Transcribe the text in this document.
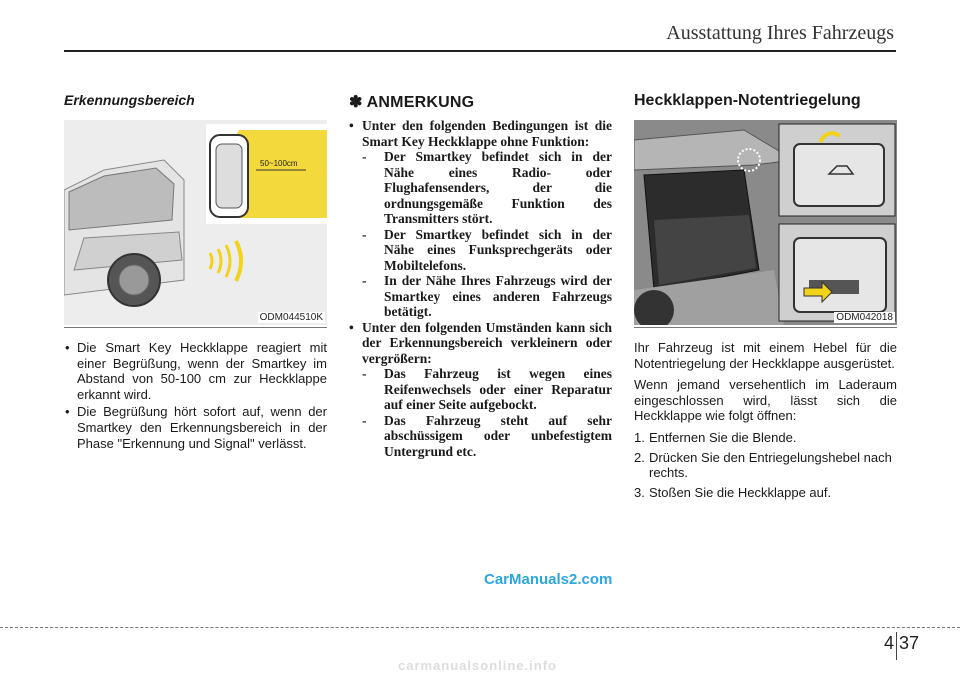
Ausstattung Ihres Fahrzeugs
Erkennungsbereich
50~100cm
ODM044510K
• Die Smart Key Heckklappe reagiert mit einer Begrüßung, wenn der Smartkey im Abstand von 50-100 cm zur Heckklappe erkannt wird.
• Die Begrüßung hört sofort auf, wenn der Smartkey den Erkennungsbereich in der Phase "Erkennung und Signal" verlässt.
✽ ANMERKUNG
• Unter den folgenden Bedingungen ist die Smart Key Heckklappe ohne Funktion:
- Der Smartkey befindet sich in der Nähe eines Radio- oder Flughafensenders, der die ordnungsgemäße Funktion des Transmitters stört.
- Der Smartkey befindet sich in der Nähe eines Funksprechgeräts oder Mobiltelefons.
- In der Nähe Ihres Fahrzeugs wird der Smartkey eines anderen Fahrzeugs betätigt.
• Unter den folgenden Umständen kann sich der Erkennungsbereich verkleinern oder vergrößern:
- Das Fahrzeug ist wegen eines Reifenwechsels oder einer Reparatur auf einer Seite aufgebockt.
- Das Fahrzeug steht auf sehr abschüssigem oder unbefestigtem Untergrund etc.
Heckklappen-Notentriegelung
ODM042018

Ihr Fahrzeug ist mit einem Hebel für die Notentriegelung der Heckklappe ausgerüstet.

Wenn jemand versehentlich im Laderaum eingeschlossen wird, lässt sich die Heckklappe wie folgt öffnen:

1. Entfernen Sie die Blende.
2. Drücken Sie den Entriegelungshebel nach rechts.
3. Stoßen Sie die Heckklappe auf.
CarManuals2.com
4 37
carmanualsonline.info
